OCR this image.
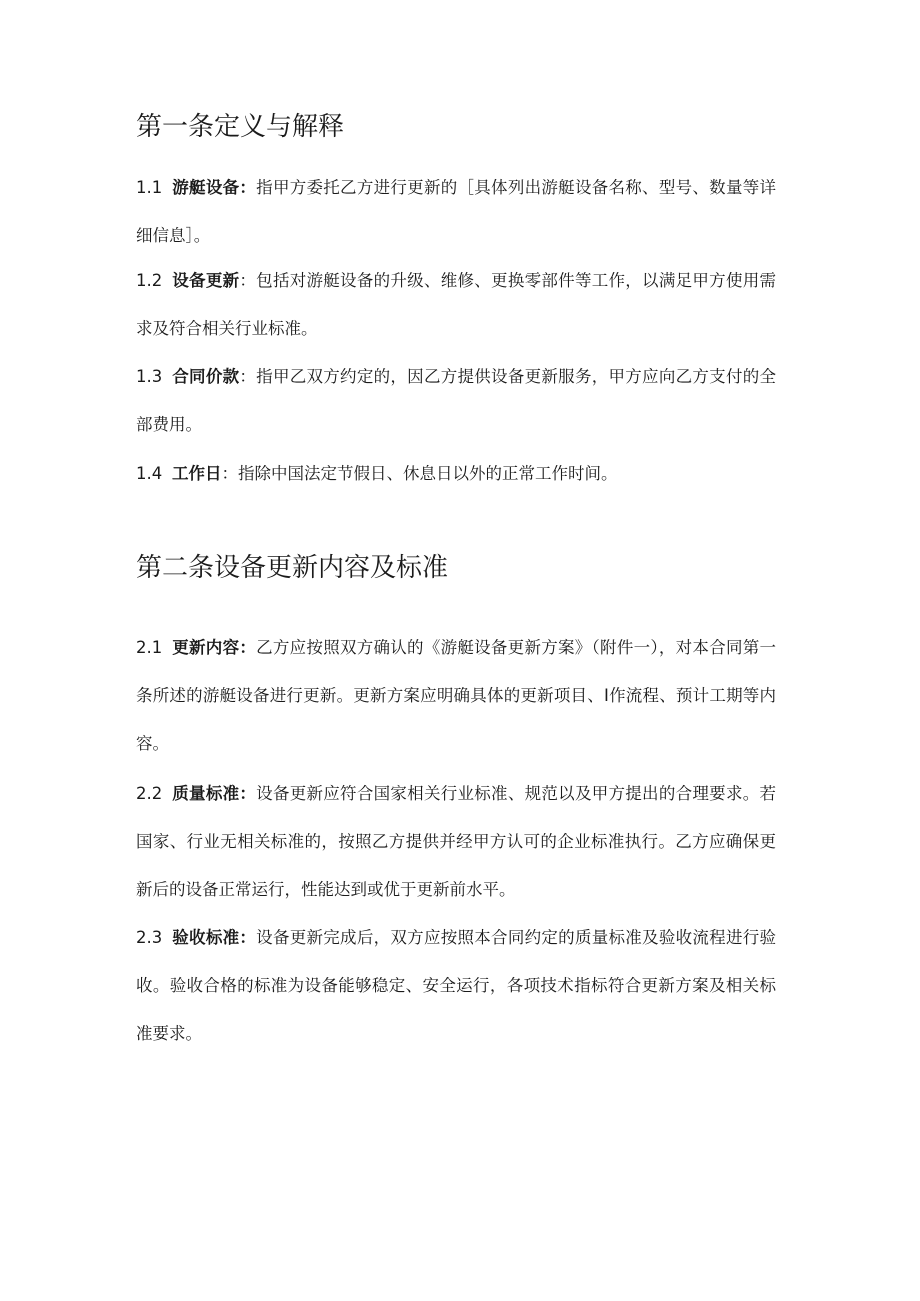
第一条定义与解释

1.1 游艇设备：指甲方委托乙方进行更新的［具体列出游艇设备名称、型号、数量等详细信息］。

1.2 设备更新：包括对游艇设备的升级、维修、更换零部件等工作，以满足甲方使用需求及符合相关行业标准。

1.3 合同价款：指甲乙双方约定的，因乙方提供设备更新服务，甲方应向乙方支付的全部费用。

1.4 工作日：指除中国法定节假日、休息日以外的正常工作时间。

第二条设备更新内容及标准

2.1 更新内容：乙方应按照双方确认的《游艇设备更新方案》（附件一），对本合同第一条所述的游艇设备进行更新。更新方案应明确具体的更新项目、I作流程、预计工期等内容。

2.2 质量标准：设备更新应符合国家相关行业标准、规范以及甲方提出的合理要求。若国家、行业无相关标准的，按照乙方提供并经甲方认可的企业标准执行。乙方应确保更新后的设备正常运行，性能达到或优于更新前水平。

2.3 验收标准：设备更新完成后，双方应按照本合同约定的质量标准及验收流程进行验收。验收合格的标准为设备能够稳定、安全运行，各项技术指标符合更新方案及相关标准要求。
